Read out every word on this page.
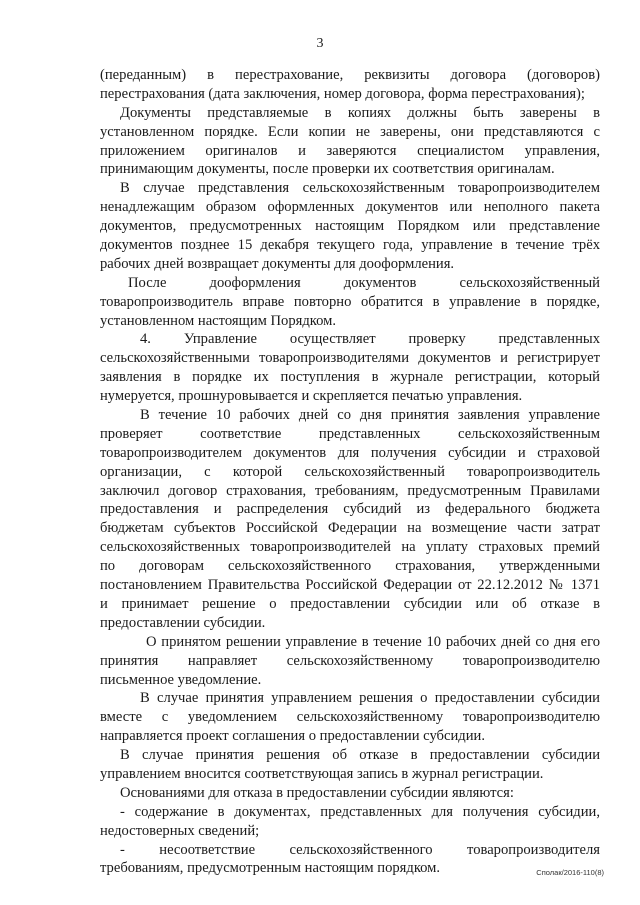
3
(переданным) в перестрахование, реквизиты договора (договоров)
перестрахования (дата заключения, номер договора, форма перестрахования);
Документы представляемые в копиях должны быть заверены в
установленном порядке. Если копии не заверены, они представляются с
приложением оригиналов и заверяются специалистом управления,
принимающим документы, после проверки их соответствия оригиналам.
В случае представления сельскохозяйственным товаропроизводителем
ненадлежащим образом оформленных документов или неполного пакета
документов, предусмотренных настоящим Порядком или представление
документов позднее 15 декабря текущего года, управление в течение трёх
рабочих дней возвращает документы для дооформления.
После дооформления документов сельскохозяйственный
товаропроизводитель вправе повторно обратится в управление в порядке,
установленном настоящим Порядком.
4. Управление осуществляет проверку представленных
сельскохозяйственными товаропроизводителями документов и регистрирует
заявления в порядке их поступления в журнале регистрации, который
нумеруется, прошнуровывается и скрепляется печатью управления.
В течение 10 рабочих дней со дня принятия заявления управление
проверяет соответствие представленных сельскохозяйственным
товаропроизводителем документов для получения субсидии и страховой
организации, с которой сельскохозяйственный товаропроизводитель
заключил договор страхования, требованиям, предусмотренным Правилами
предоставления и распределения субсидий из федерального бюджета
бюджетам субъектов Российской Федерации на возмещение части затрат
сельскохозяйственных товаропроизводителей на уплату страховых премий
по договорам сельскохозяйственного страхования, утвержденными
постановлением Правительства Российской Федерации от 22.12.2012 № 1371
и принимает решение о предоставлении субсидии или об отказе в
предоставлении субсидии.
О принятом решении управление в течение 10 рабочих дней со дня его
принятия направляет сельскохозяйственному товаропроизводителю
письменное уведомление.
В случае принятия управлением решения о предоставлении субсидии
вместе с уведомлением сельскохозяйственному товаропроизводителю
направляется проект соглашения о предоставлении субсидии.
В случае принятия решения об отказе в предоставлении субсидии
управлением вносится соответствующая запись в журнал регистрации.
Основаниями для отказа в предоставлении субсидии являются:
- содержание в документах, представленных для получения субсидии,
недостоверных сведений;
- несоответствие сельскохозяйственного товаропроизводителя
требованиям, предусмотренным настоящим порядком.	Сполак/2016-110(8)
